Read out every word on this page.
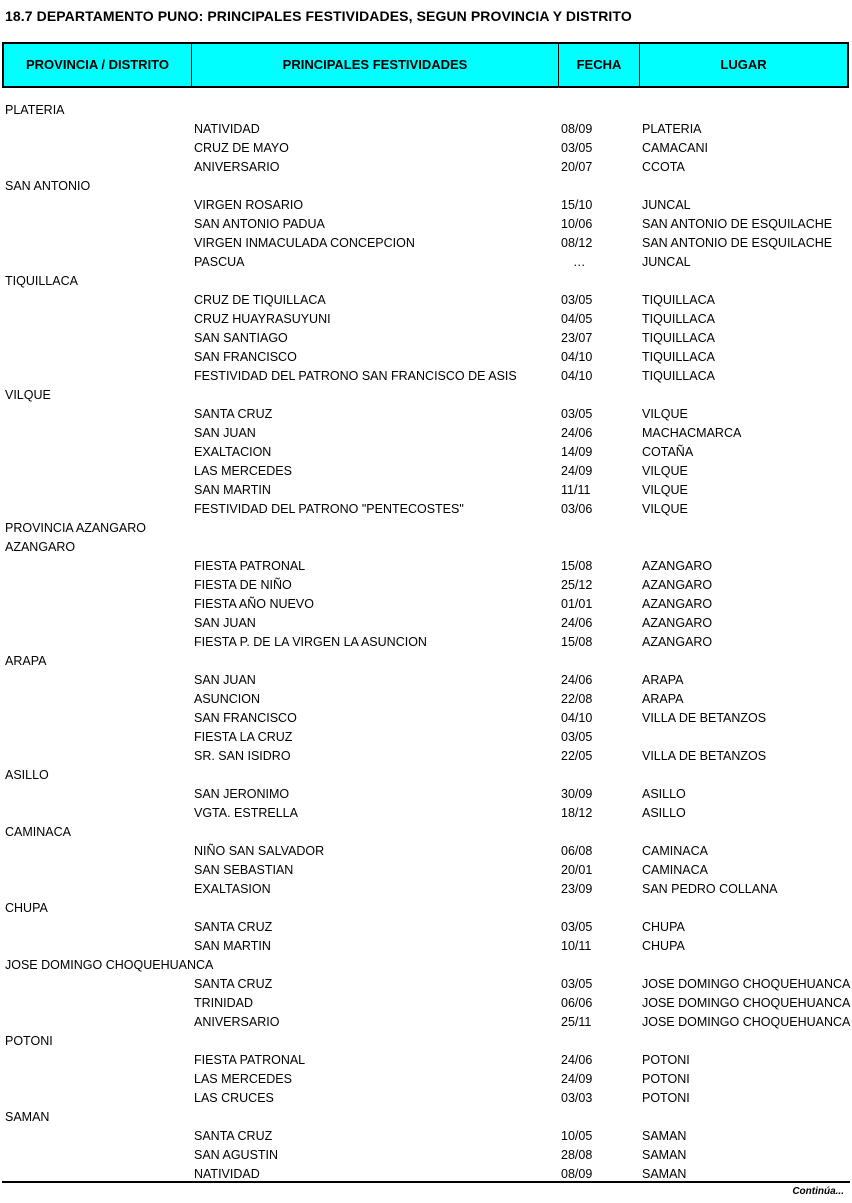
18.7 DEPARTAMENTO PUNO: PRINCIPALES FESTIVIDADES, SEGUN PROVINCIA Y DISTRITO
PROVINCIA / DISTRITO	PRINCIPALES FESTIVIDADES	FECHA	LUGAR
PLATERIA
NATIVIDAD	08/09	PLATERIA
CRUZ DE MAYO	03/05	CAMACANI
ANIVERSARIO	20/07	CCOTA
SAN ANTONIO
VIRGEN ROSARIO	15/10	JUNCAL
SAN ANTONIO PADUA	10/06	SAN ANTONIO DE ESQUILACHE
VIRGEN INMACULADA CONCEPCION	08/12	SAN ANTONIO DE ESQUILACHE
PASCUA	…	JUNCAL
TIQUILLACA
CRUZ DE TIQUILLACA	03/05	TIQUILLACA
CRUZ HUAYRASUYUNI	04/05	TIQUILLACA
SAN SANTIAGO	23/07	TIQUILLACA
SAN FRANCISCO	04/10	TIQUILLACA
FESTIVIDAD DEL PATRONO SAN FRANCISCO DE ASIS	04/10	TIQUILLACA
VILQUE
SANTA CRUZ	03/05	VILQUE
SAN JUAN	24/06	MACHACMARCA
EXALTACION	14/09	COTAÑA
LAS MERCEDES	24/09	VILQUE
SAN MARTIN	11/11	VILQUE
FESTIVIDAD DEL PATRONO "PENTECOSTES"	03/06	VILQUE
PROVINCIA AZANGARO
AZANGARO
FIESTA PATRONAL	15/08	AZANGARO
FIESTA DE NIÑO	25/12	AZANGARO
FIESTA AÑO NUEVO	01/01	AZANGARO
SAN JUAN	24/06	AZANGARO
FIESTA P. DE LA VIRGEN LA ASUNCION	15/08	AZANGARO
ARAPA
SAN JUAN	24/06	ARAPA
ASUNCION	22/08	ARAPA
SAN FRANCISCO	04/10	VILLA DE BETANZOS
FIESTA LA CRUZ	03/05
SR. SAN ISIDRO	22/05	VILLA DE BETANZOS
ASILLO
SAN JERONIMO	30/09	ASILLO
VGTA. ESTRELLA	18/12	ASILLO
CAMINACA
NIÑO SAN SALVADOR	06/08	CAMINACA
SAN SEBASTIAN	20/01	CAMINACA
EXALTASION	23/09	SAN PEDRO COLLANA
CHUPA
SANTA CRUZ	03/05	CHUPA
SAN MARTIN	10/11	CHUPA
JOSE DOMINGO CHOQUEHUANCA
SANTA CRUZ	03/05	JOSE DOMINGO CHOQUEHUANCA
TRINIDAD	06/06	JOSE DOMINGO CHOQUEHUANCA
ANIVERSARIO	25/11	JOSE DOMINGO CHOQUEHUANCA
POTONI
FIESTA PATRONAL	24/06	POTONI
LAS MERCEDES	24/09	POTONI
LAS CRUCES	03/03	POTONI
SAMAN
SANTA CRUZ	10/05	SAMAN
SAN AGUSTIN	28/08	SAMAN
NATIVIDAD	08/09	SAMAN
Continúa...
